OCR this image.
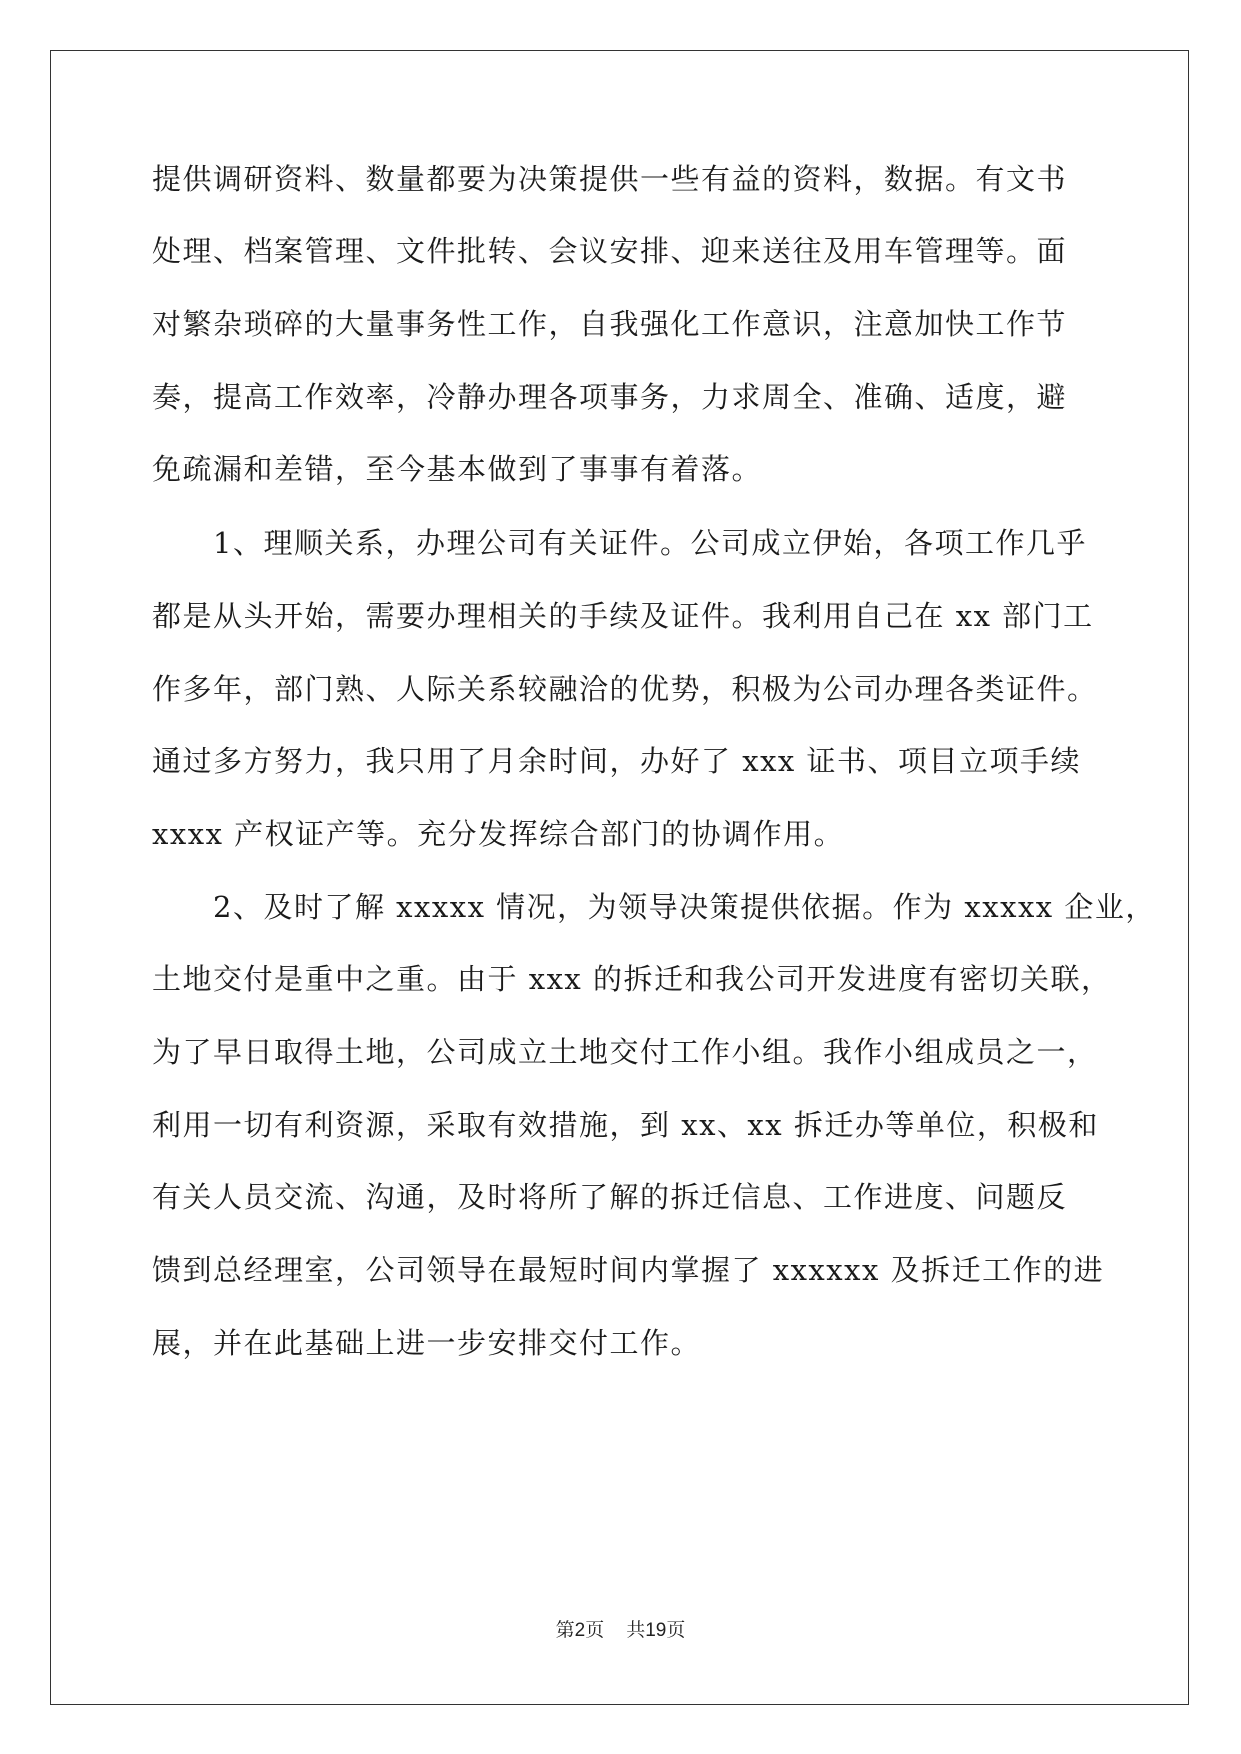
提供调研资料、数量都要为决策提供一些有益的资料，数据。有文书
处理、档案管理、文件批转、会议安排、迎来送往及用车管理等。面
对繁杂琐碎的大量事务性工作，自我强化工作意识，注意加快工作节
奏，提高工作效率，冷静办理各项事务，力求周全、准确、适度，避
免疏漏和差错，至今基本做到了事事有着落。
　　1、理顺关系，办理公司有关证件。公司成立伊始，各项工作几乎
都是从头开始，需要办理相关的手续及证件。我利用自己在 xx 部门工
作多年，部门熟、人际关系较融洽的优势，积极为公司办理各类证件。
通过多方努力，我只用了月余时间，办好了 xxx 证书、项目立项手续
xxxx 产权证产等。充分发挥综合部门的协调作用。
　　2、及时了解 xxxxx 情况，为领导决策提供依据。作为 xxxxx 企业，
土地交付是重中之重。由于 xxx 的拆迁和我公司开发进度有密切关联，
为了早日取得土地，公司成立土地交付工作小组。我作小组成员之一，
利用一切有利资源，采取有效措施，到 xx、xx 拆迁办等单位，积极和
有关人员交流、沟通，及时将所了解的拆迁信息、工作进度、问题反
馈到总经理室，公司领导在最短时间内掌握了 xxxxxx 及拆迁工作的进
展，并在此基础上进一步安排交付工作。
第2页 共19页
